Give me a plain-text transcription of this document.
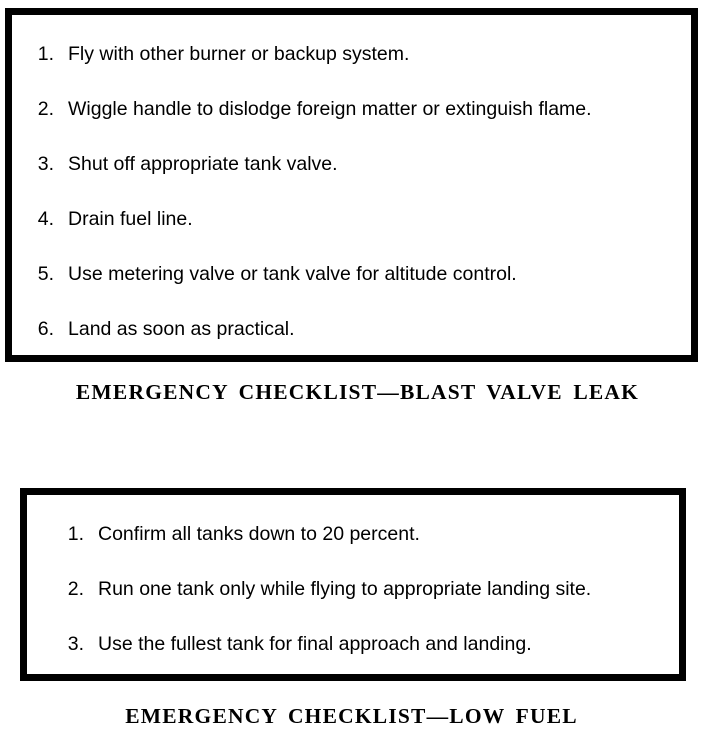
1. Fly with other burner or backup system.
2. Wiggle handle to dislodge foreign matter or extinguish flame.
3. Shut off appropriate tank valve.
4. Drain fuel line.
5. Use metering valve or tank valve for altitude control.
6. Land as soon as practical.
EMERGENCY CHECKLIST—BLAST VALVE LEAK
1. Confirm all tanks down to 20 percent.
2. Run one tank only while flying to appropriate landing site.
3. Use the fullest tank for final approach and landing.
EMERGENCY CHECKLIST—LOW FUEL
